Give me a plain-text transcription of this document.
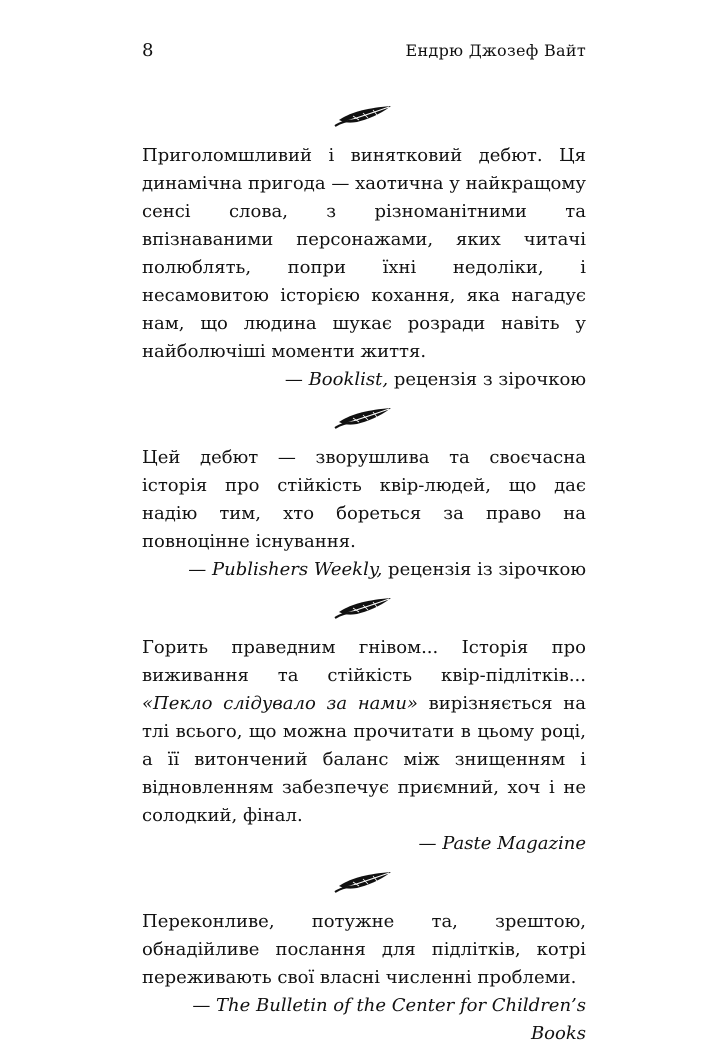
8	Ендрю Джозеф Вайт

Приголомшливий і винятковий дебют. Ця динамічна пригода — хаотична у найкращому сенсі слова, з різноманітними та впізнаваними персонажами, яких читачі полюблять, попри їхні недоліки, і несамовитою історією кохання, яка нагадує нам, що людина шукає розради навіть у найболючіші моменти життя.

— Booklist, рецензія з зірочкою

Цей дебют — зворушлива та своєчасна історія про стійкість квір-людей, що дає надію тим, хто бореться за право на повноцінне існування.

— Publishers Weekly, рецензія із зірочкою

Горить праведним гнівом... Історія про виживання та стійкість квір-підлітків... «Пекло слідувало за нами» вирізняється на тлі всього, що можна прочитати в цьому році, а її витончений баланс між знищенням і відновленням забезпечує приємний, хоч і не солодкий, фінал.

— Paste Magazine

Переконливе, потужне та, зрештою, обнадійливе послання для підлітків, котрі переживають свої власні численні проблеми.

— The Bulletin of the Center for Children’s Books
